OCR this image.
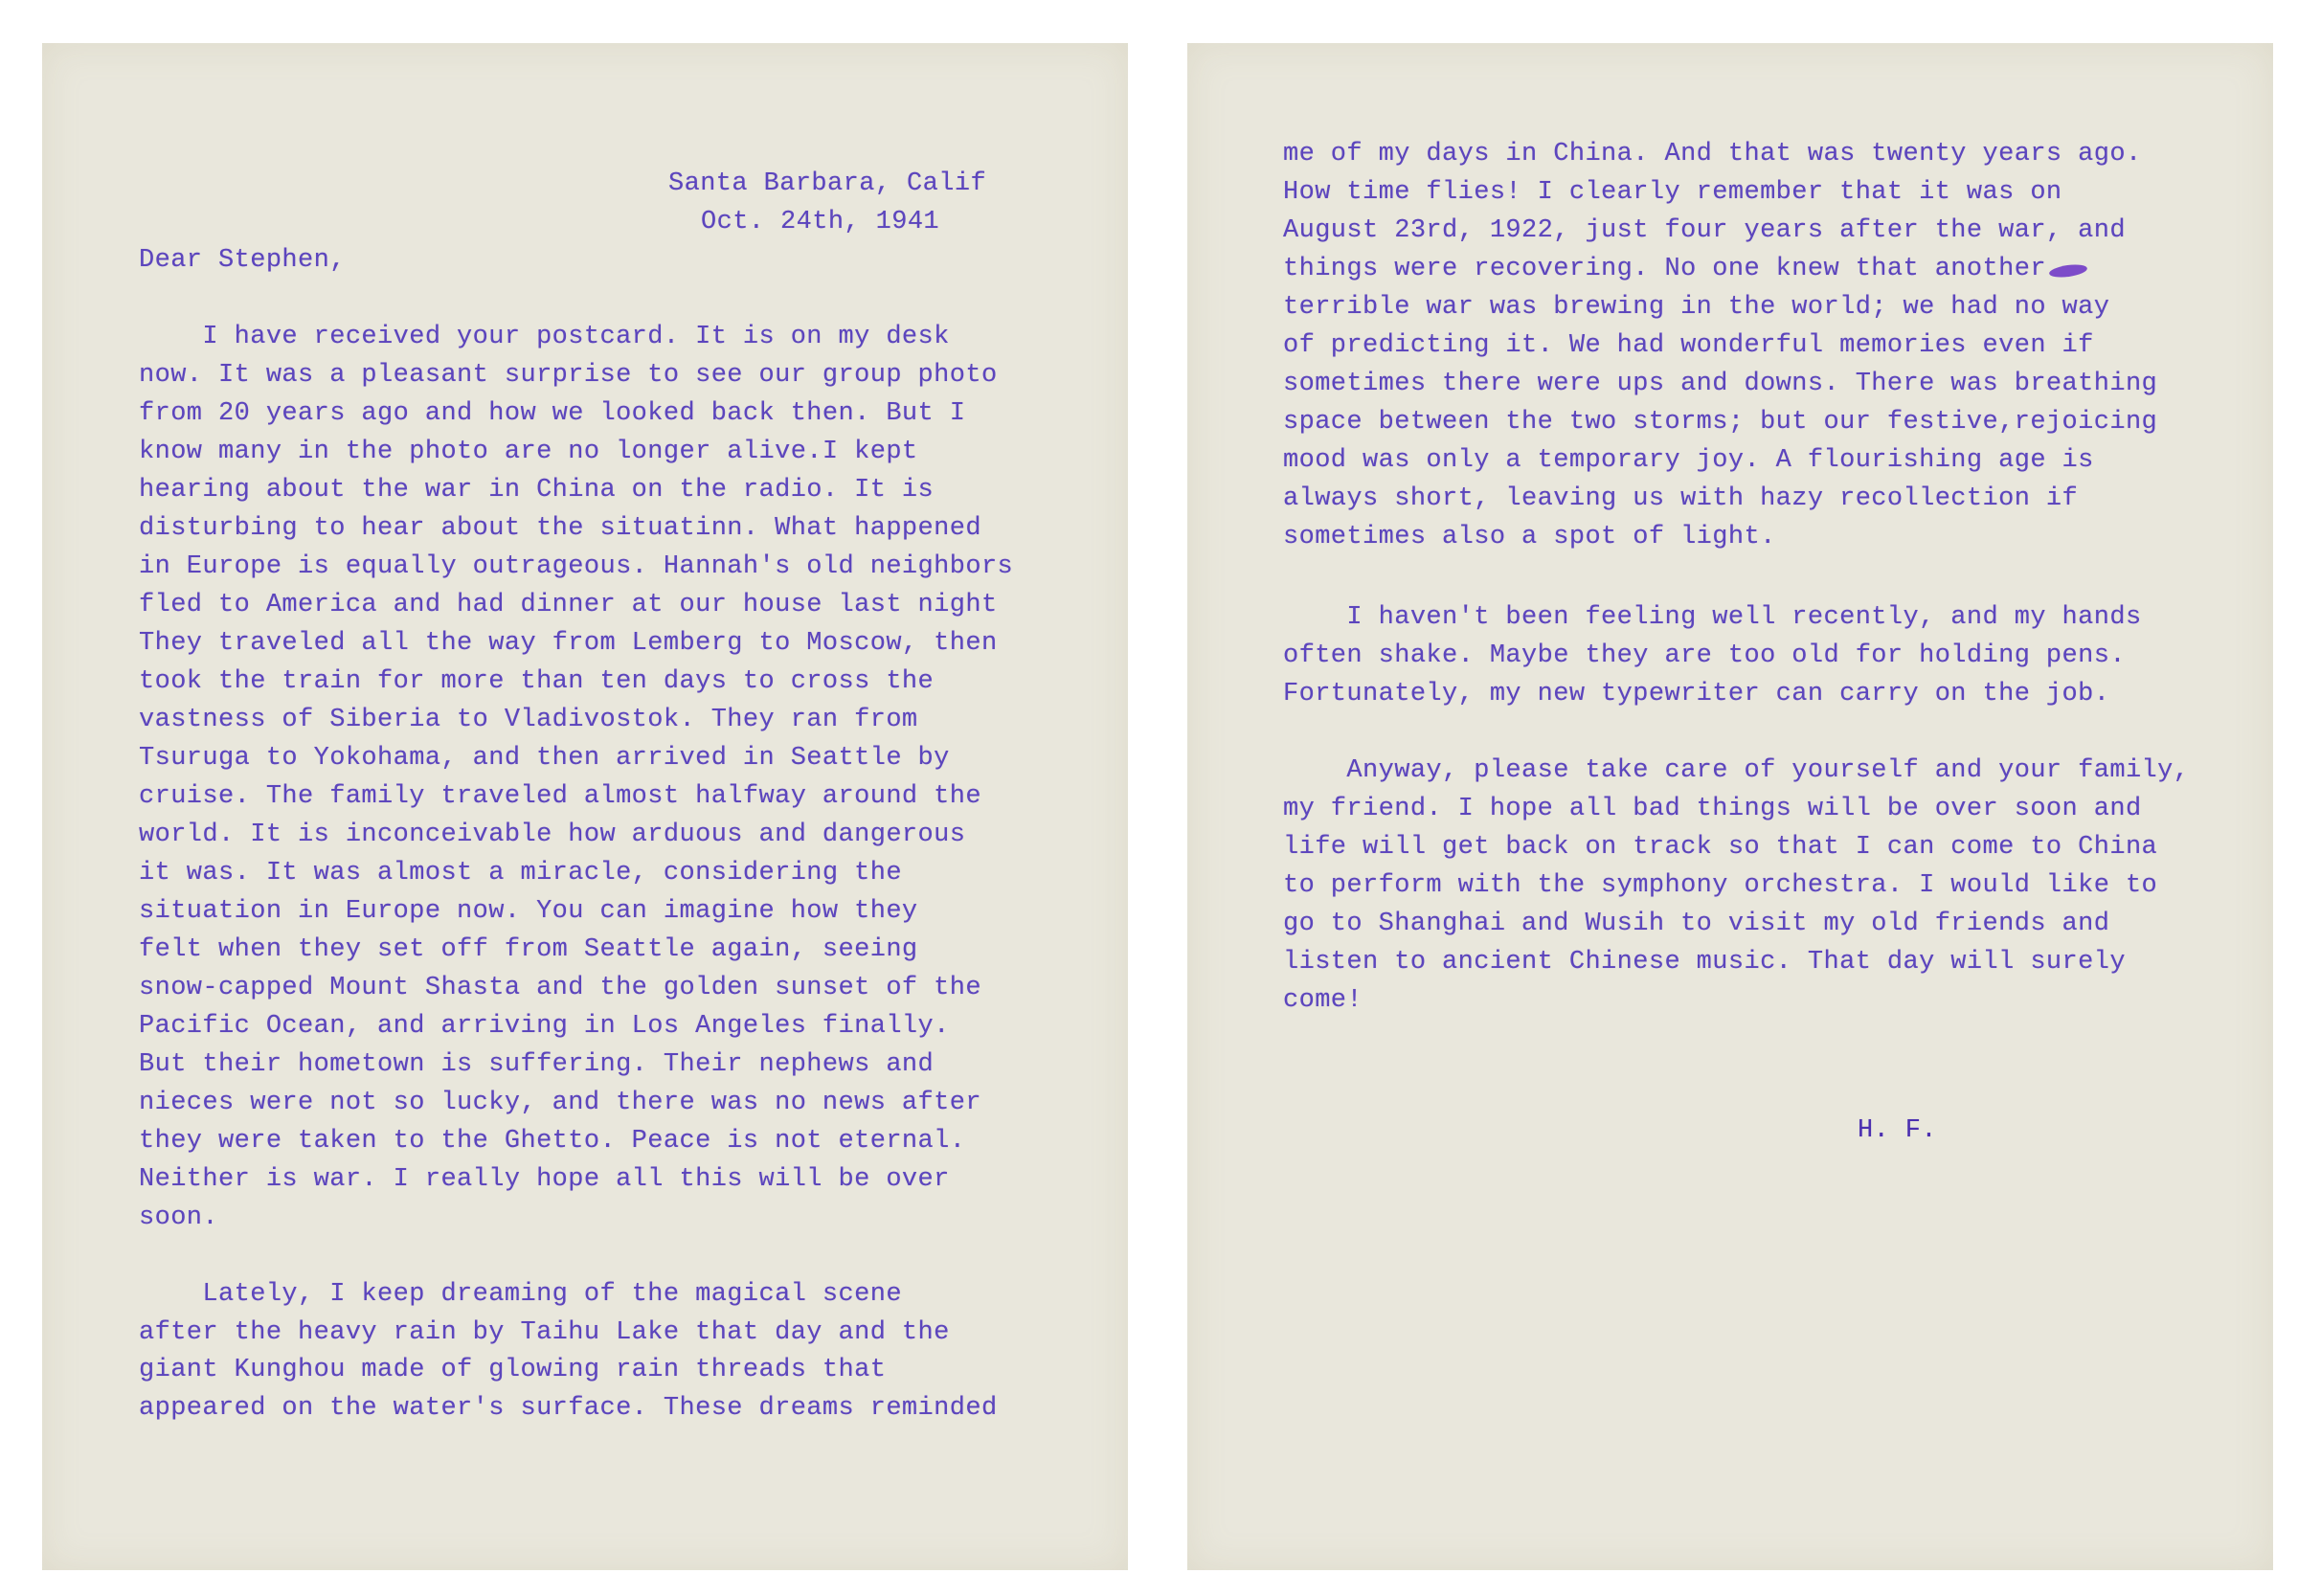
Santa Barbara, Calif
Oct. 24th, 1941
Dear Stephen,
I have received your postcard. It is on my desk
now. It was a pleasant surprise to see our group photo
from 20 years ago and how we looked back then. But I
know many in the photo are no longer alive.I kept
hearing about the war in China on the radio. It is
disturbing to hear about the situatinn. What happened
in Europe is equally outrageous. Hannah's old neighbors
fled to America and had dinner at our house last night
They traveled all the way from Lemberg to Moscow, then
took the train for more than ten days to cross the
vastness of Siberia to Vladivostok. They ran from
Tsuruga to Yokohama, and then arrived in Seattle by
cruise. The family traveled almost halfway around the
world. It is inconceivable how arduous and dangerous
it was. It was almost a miracle, considering the
situation in Europe now. You can imagine how they
felt when they set off from Seattle again, seeing
snow-capped Mount Shasta and the golden sunset of the
Pacific Ocean, and arriving in Los Angeles finally.
But their hometown is suffering. Their nephews and
nieces were not so lucky, and there was no news after
they were taken to the Ghetto. Peace is not eternal.
Neither is war. I really hope all this will be over
soon.
Lately, I keep dreaming of the magical scene
after the heavy rain by Taihu Lake that day and the
giant Kunghou made of glowing rain threads that
appeared on the water's surface. These dreams reminded
me of my days in China. And that was twenty years ago.
How time flies! I clearly remember that it was on
August 23rd, 1922, just four years after the war, and
things were recovering. No one knew that another
terrible war was brewing in the world; we had no way
of predicting it. We had wonderful memories even if
sometimes there were ups and downs. There was breathing
space between the two storms; but our festive,rejoicing
mood was only a temporary joy. A flourishing age is
always short, leaving us with hazy recollection if
sometimes also a spot of light.
I haven't been feeling well recently, and my hands
often shake. Maybe they are too old for holding pens.
Fortunately, my new typewriter can carry on the job.
Anyway, please take care of yourself and your family,
my friend. I hope all bad things will be over soon and
life will get back on track so that I can come to China
to perform with the symphony orchestra. I would like to
go to Shanghai and Wusih to visit my old friends and
listen to ancient Chinese music. That day will surely
come!
H. F.
